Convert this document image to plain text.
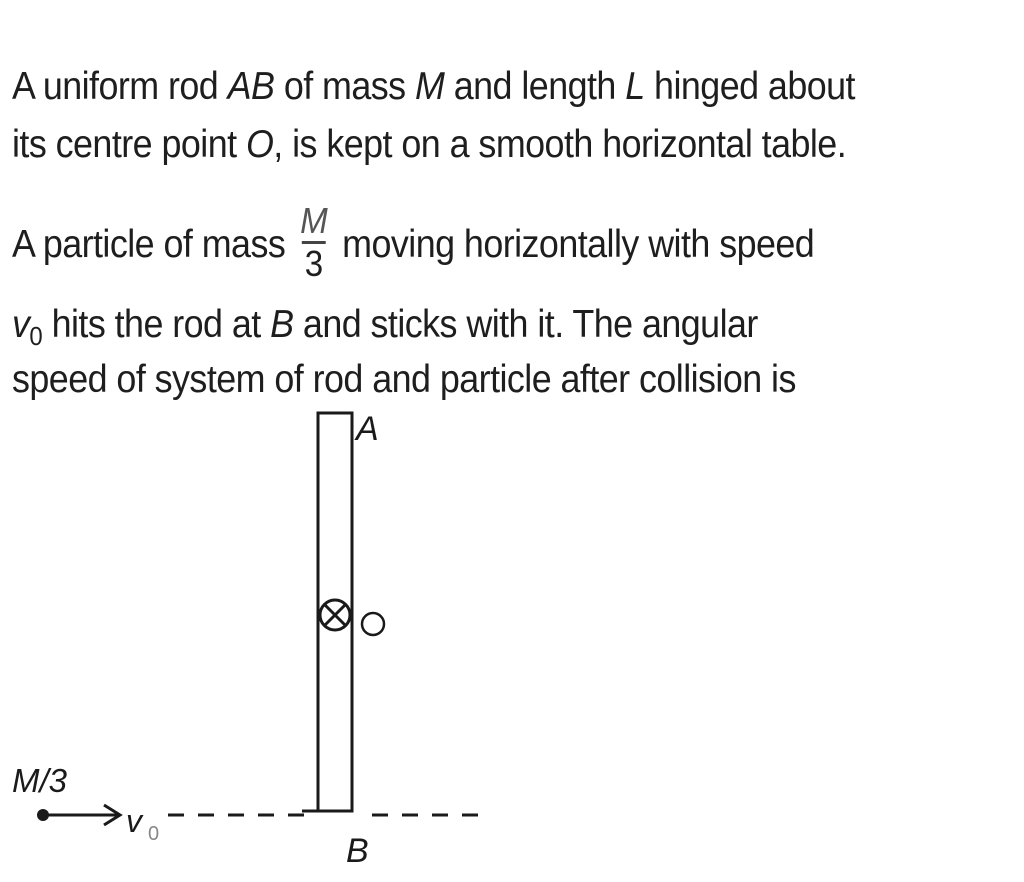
A uniform rod AB of mass M and length L hinged about
its centre point O, is kept on a smooth horizontal table.
A particle of mass $\frac{M}{3}$ moving horizontally with speed
$v_0$ hits the rod at B and sticks with it. The angular
speed of system of rod and particle after collision is
A
B
M/3
v 0
